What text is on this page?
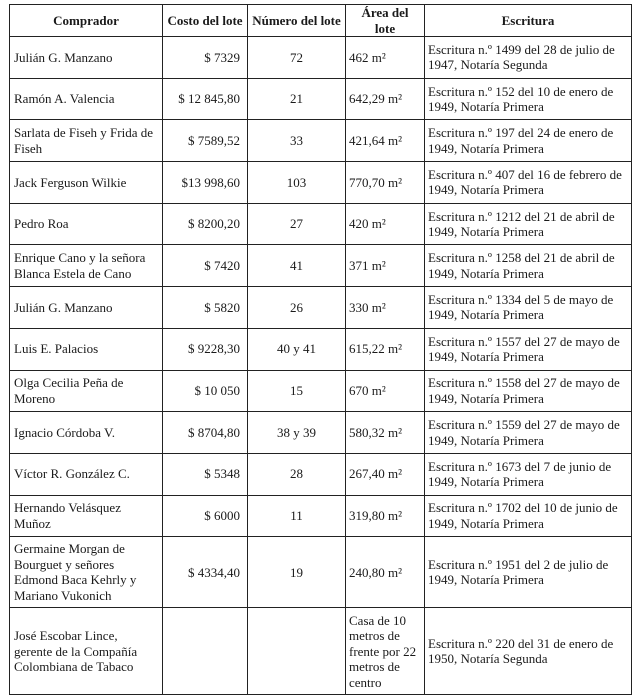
Comprador	Costo del lote	Número del lote	Área del lote	Escritura
Julián G. Manzano	$ 7329	72	462 m²	Escritura n.º 1499 del 28 de julio de 1947, Notaría Segunda
Ramón A. Valencia	$ 12 845,80	21	642,29 m²	Escritura n.º 152 del 10 de enero de 1949, Notaría Primera
Sarlata de Fiseh y Frida de Fiseh	$ 7589,52	33	421,64 m²	Escritura n.º 197 del 24 de enero de 1949, Notaría Primera
Jack Ferguson Wilkie	$13 998,60	103	770,70 m²	Escritura n.º 407 del 16 de febrero de 1949, Notaría Primera
Pedro Roa	$ 8200,20	27	420 m²	Escritura n.º 1212 del 21 de abril de 1949, Notaría Primera
Enrique Cano y la señora Blanca Estela de Cano	$ 7420	41	371 m²	Escritura n.º 1258 del 21 de abril de 1949, Notaría Primera
Julián G. Manzano	$ 5820	26	330 m²	Escritura n.º 1334 del 5 de mayo de 1949, Notaría Primera
Luis E. Palacios	$ 9228,30	40 y 41	615,22 m²	Escritura n.º 1557 del 27 de mayo de 1949, Notaría Primera
Olga Cecilia Peña de Moreno	$ 10 050	15	670 m²	Escritura n.º 1558 del 27 de mayo de 1949, Notaría Primera
Ignacio Córdoba V.	$ 8704,80	38 y 39	580,32 m²	Escritura n.º 1559 del 27 de mayo de 1949, Notaría Primera
Víctor R. González C.	$ 5348	28	267,40 m²	Escritura n.º 1673 del 7 de junio de 1949, Notaría Primera
Hernando Velásquez Muñoz	$ 6000	11	319,80 m²	Escritura n.º 1702 del 10 de junio de 1949, Notaría Primera
Germaine Morgan de Bourguet y señores Edmond Baca Kehrly y Mariano Vukonich	$ 4334,40	19	240,80 m²	Escritura n.º 1951 del 2 de julio de 1949, Notaría Primera
José Escobar Lince, gerente de la Compañía Colombiana de Tabaco			Casa de 10 metros de frente por 22 metros de centro	Escritura n.º 220 del 31 de enero de 1950, Notaría Segunda
